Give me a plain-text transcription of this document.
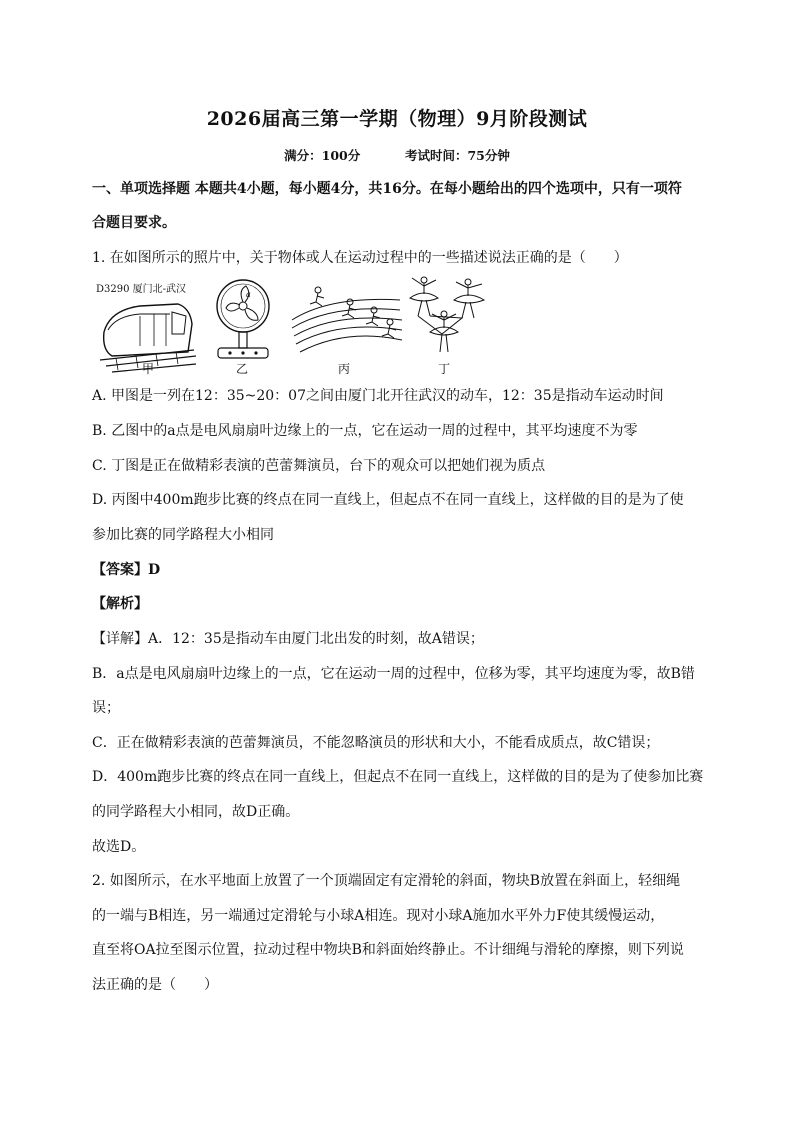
2026届高三第一学期（物理）9月阶段测试
满分：100分	考试时间：75分钟
一、单项选择题 本题共4小题，每小题4分，共16分。在每小题给出的四个选项中，只有一项符
合题目要求。
1. 在如图所示的照片中，关于物体或人在运动过程中的一些描述说法正确的是（　　）
D3290 厦门北-武汉
甲
a
乙	丙	丁
A. 甲图是一列在12：35~20：07之间由厦门北开往武汉的动车，12：35是指动车运动时间
B. 乙图中的a点是电风扇扇叶边缘上的一点，它在运动一周的过程中，其平均速度不为零
C. 丁图是正在做精彩表演的芭蕾舞演员，台下的观众可以把她们视为质点
D. 丙图中400m跑步比赛的终点在同一直线上，但起点不在同一直线上，这样做的目的是为了使
参加比赛的同学路程大小相同
【答案】D
【解析】
【详解】A．12：35是指动车由厦门北出发的时刻，故A错误；
B．a点是电风扇扇叶边缘上的一点，它在运动一周的过程中，位移为零，其平均速度为零，故B错
误；
C．正在做精彩表演的芭蕾舞演员，不能忽略演员的形状和大小，不能看成质点，故C错误；
D．400m跑步比赛的终点在同一直线上，但起点不在同一直线上，这样做的目的是为了使参加比赛
的同学路程大小相同，故D正确。
故选D。
2. 如图所示，在水平地面上放置了一个顶端固定有定滑轮的斜面，物块B放置在斜面上，轻细绳
的一端与B相连，另一端通过定滑轮与小球A相连。现对小球A施加水平外力F使其缓慢运动，
直至将OA拉至图示位置，拉动过程中物块B和斜面始终静止。不计细绳与滑轮的摩擦，则下列说
法正确的是（　　）
